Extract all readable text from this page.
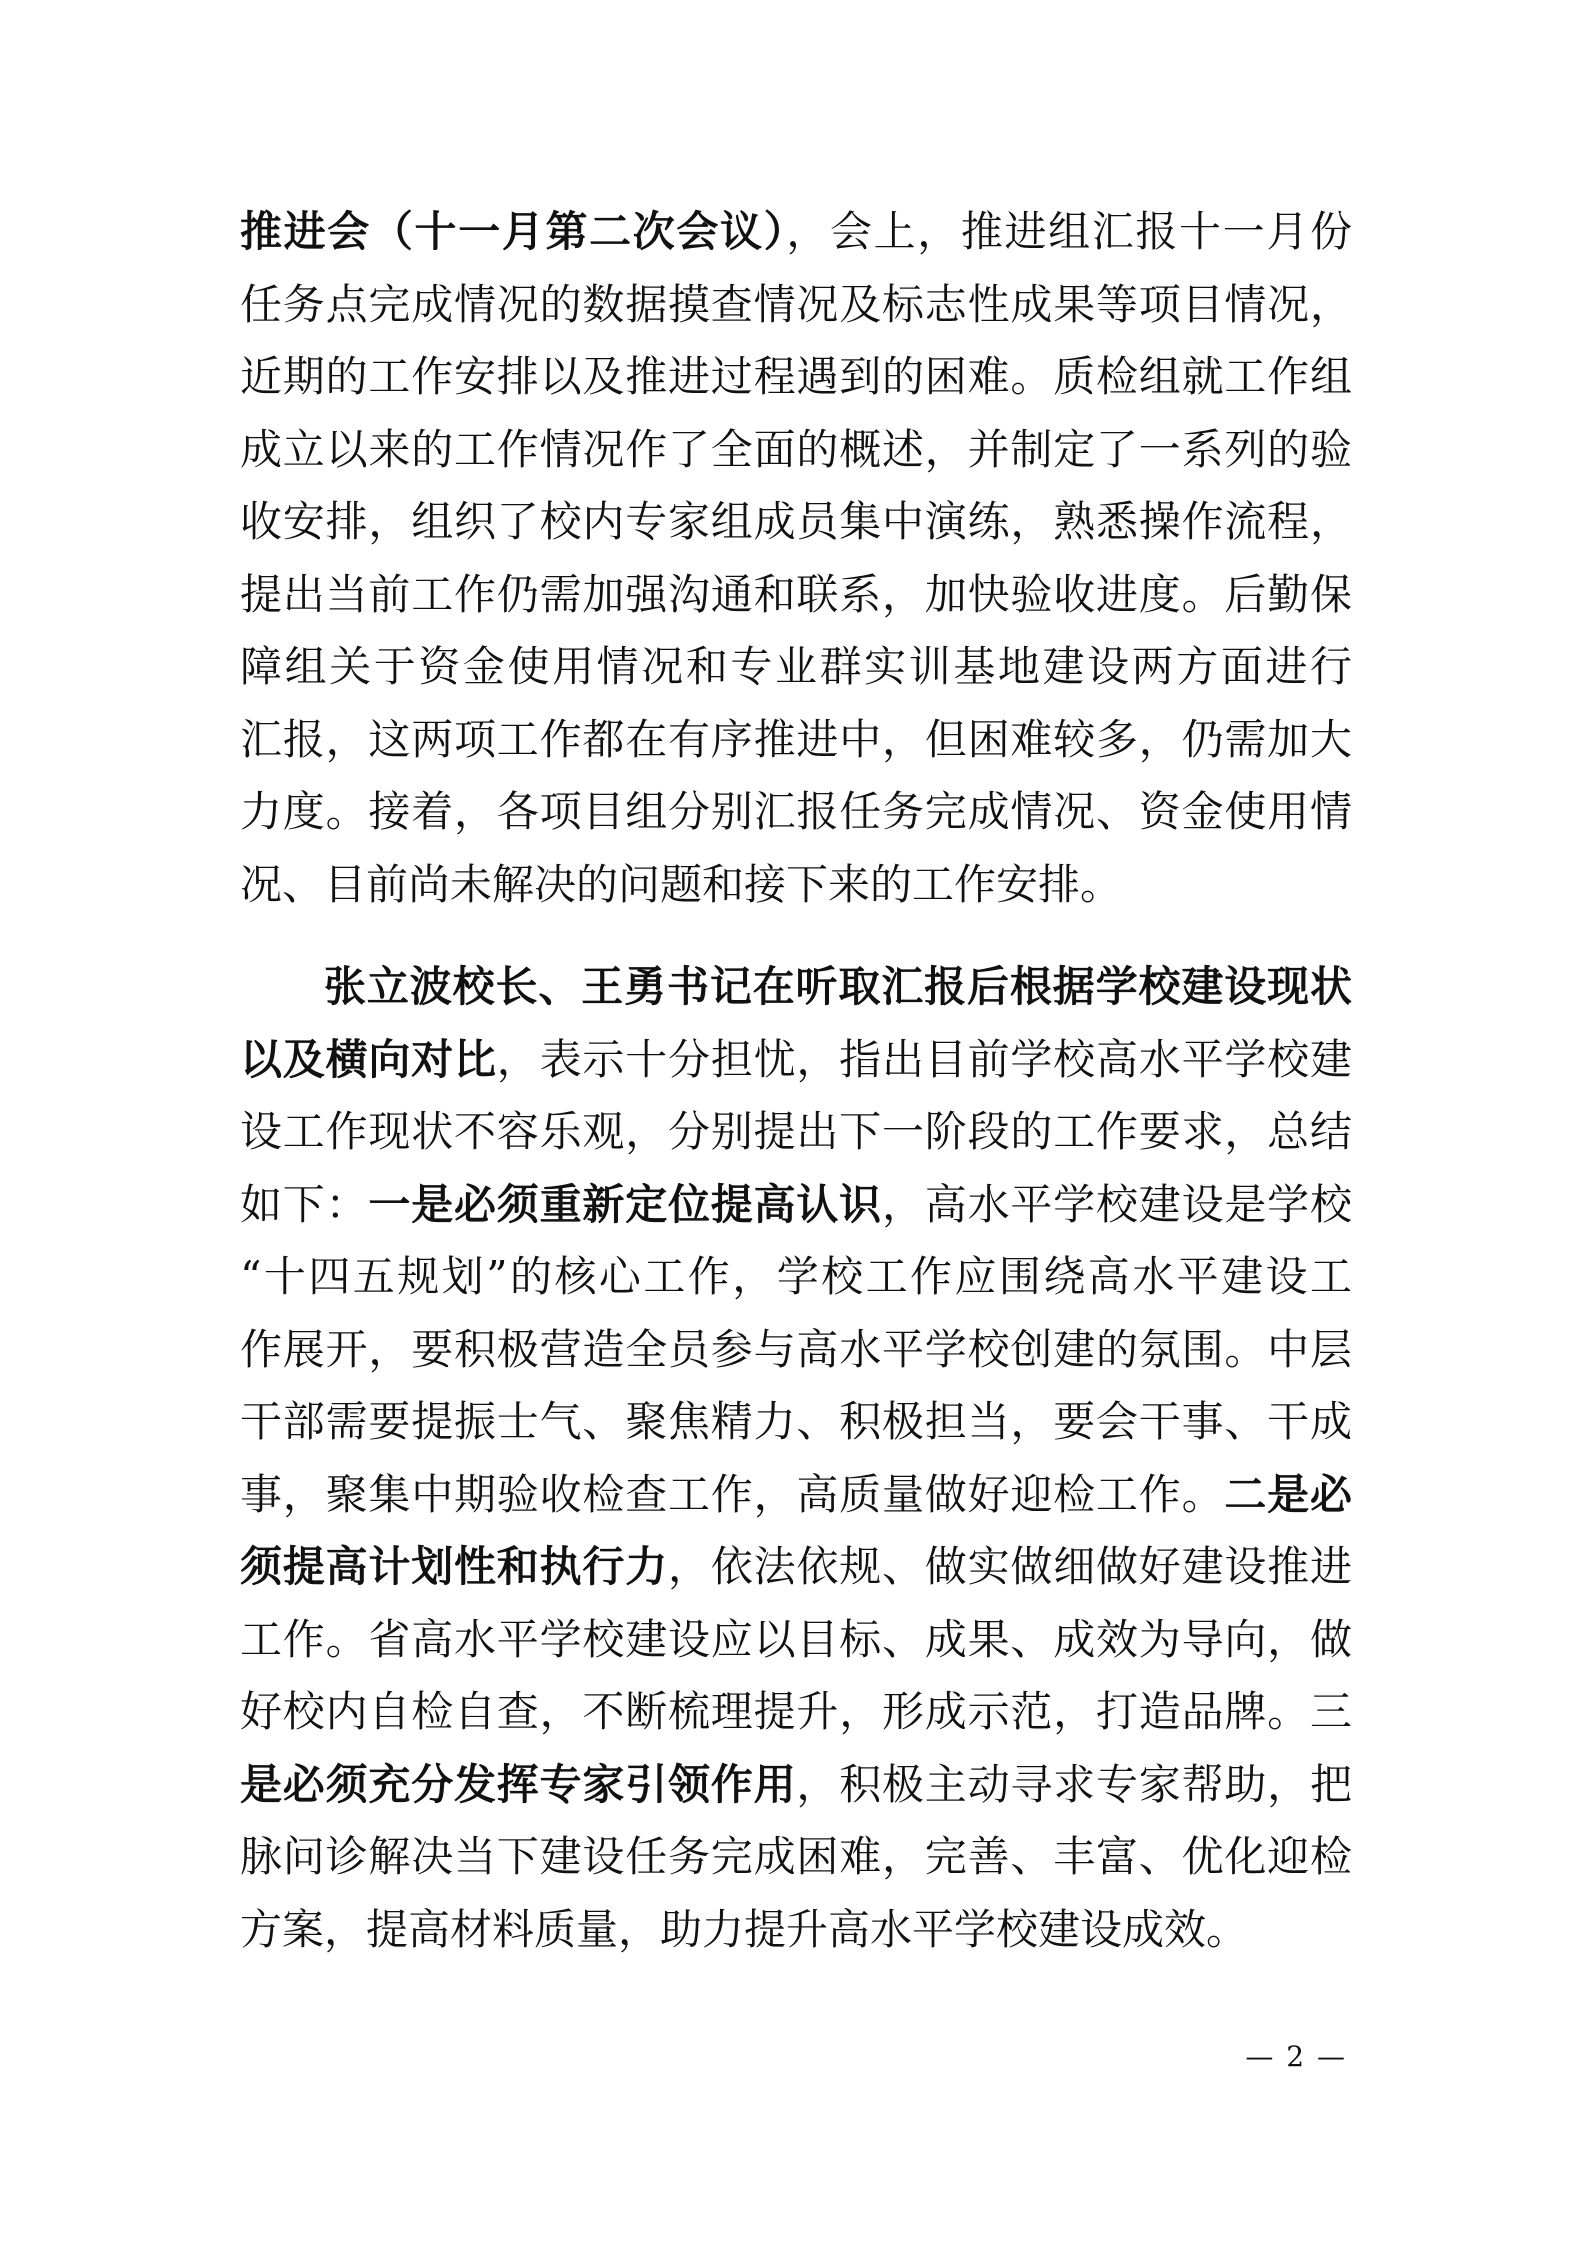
推进会（十一月第二次会议），会上，推进组汇报十一月份
任务点完成情况的数据摸查情况及标志性成果等项目情况，
近期的工作安排以及推进过程遇到的困难。质检组就工作组
成立以来的工作情况作了全面的概述，并制定了一系列的验
收安排，组织了校内专家组成员集中演练，熟悉操作流程，
提出当前工作仍需加强沟通和联系，加快验收进度。后勤保
障组关于资金使用情况和专业群实训基地建设两方面进行
汇报，这两项工作都在有序推进中，但困难较多，仍需加大
力度。接着，各项目组分别汇报任务完成情况、资金使用情
况、目前尚未解决的问题和接下来的工作安排。
张立波校长、王勇书记在听取汇报后根据学校建设现状
以及横向对比，表示十分担忧，指出目前学校高水平学校建
设工作现状不容乐观，分别提出下一阶段的工作要求，总结
如下：一是必须重新定位提高认识，高水平学校建设是学校
“十四五规划”的核心工作，学校工作应围绕高水平建设工
作展开，要积极营造全员参与高水平学校创建的氛围。中层
干部需要提振士气、聚焦精力、积极担当，要会干事、干成
事，聚集中期验收检查工作，高质量做好迎检工作。二是必
须提高计划性和执行力，依法依规、做实做细做好建设推进
工作。省高水平学校建设应以目标、成果、成效为导向，做
好校内自检自查，不断梳理提升，形成示范，打造品牌。三
是必须充分发挥专家引领作用，积极主动寻求专家帮助，把
脉问诊解决当下建设任务完成困难，完善、丰富、优化迎检
方案，提高材料质量，助力提升高水平学校建设成效。
— 2 —
